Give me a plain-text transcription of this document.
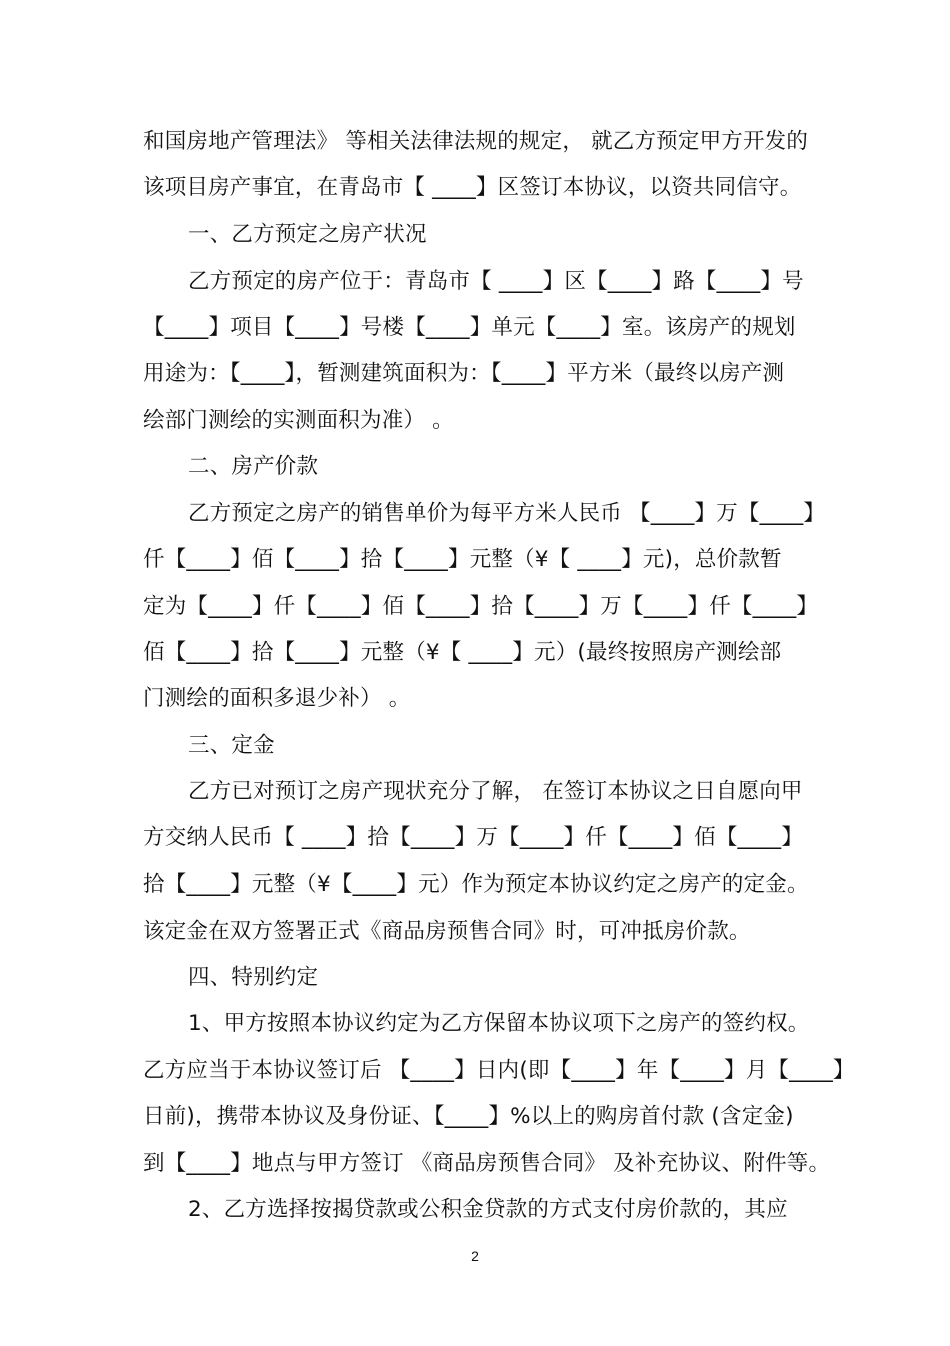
和国房地产管理法》 等相关法律法规的规定， 就乙方预定甲方开发的
该项目房产事宜，在青岛市【 ____】区签订本协议，以资共同信守。
一、乙方预定之房产状况
乙方预定的房产位于：青岛市【 ____】区【____】路【____】号
【____】项目【____】号楼【____】单元【____】室。该房产的规划
用途为：【____】，暂测建筑面积为：【____】平方米（最终以房产测
绘部门测绘的实测面积为准） 。
二、房产价款
乙方预定之房产的销售单价为每平方米人民币 【____】万【____】
仟【____】佰【____】拾【____】元整（¥【 ____】元)，总价款暂
定为【____】仟【____】佰【____】拾【____】万【____】仟【____】
佰【____】拾【____】元整（¥【 ____】元）(最终按照房产测绘部
门测绘的面积多退少补） 。
三、定金
乙方已对预订之房产现状充分了解， 在签订本协议之日自愿向甲
方交纳人民币【 ____】拾【____】万【____】仟【____】佰【____】
拾【____】元整（¥【____】元）作为预定本协议约定之房产的定金。
该定金在双方签署正式《商品房预售合同》时，可冲抵房价款。
四、特别约定
1、甲方按照本协议约定为乙方保留本协议项下之房产的签约权。
乙方应当于本协议签订后 【____】日内(即【____】年【____】月【____】
日前)，携带本协议及身份证、【____】%以上的购房首付款 (含定金)
到【____】地点与甲方签订 《商品房预售合同》 及补充协议、附件等。
2、乙方选择按揭贷款或公积金贷款的方式支付房价款的，其应
2
